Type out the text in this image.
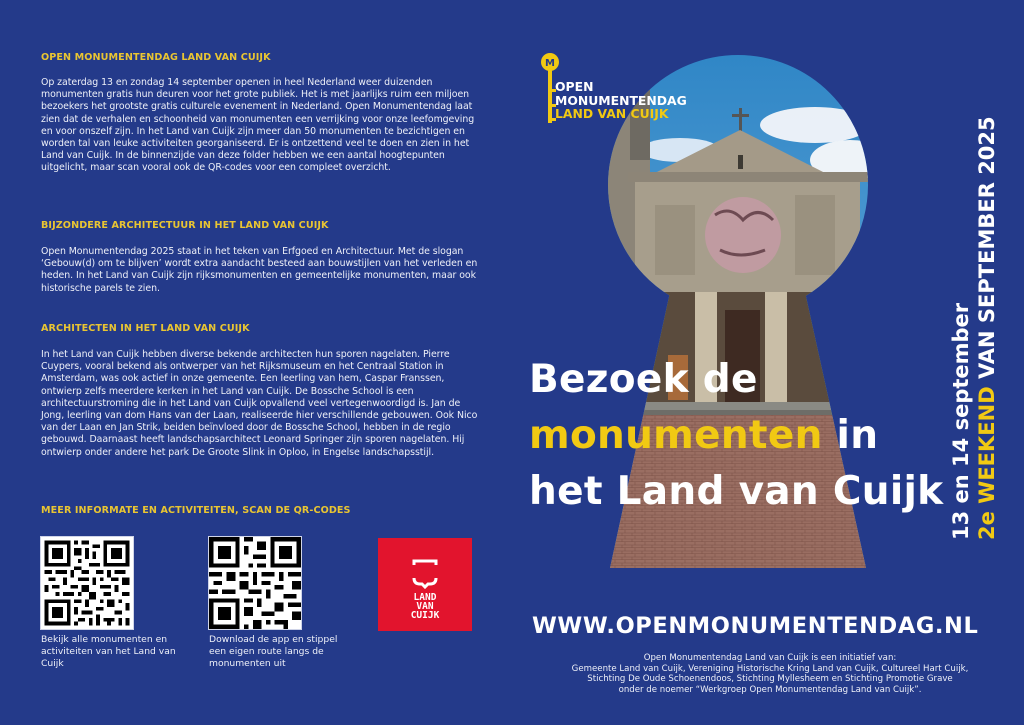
OPEN MONUMENTENDAG LAND VAN CUIJK
Op zaterdag 13 en zondag 14 september openen in heel Nederland weer duizenden monumenten gratis hun deuren voor het grote publiek. Het is met jaarlijks ruim een miljoen bezoekers het grootste gratis culturele evenement in Nederland. Open Monumentendag laat zien dat de verhalen en schoonheid van monumenten een verrijking voor onze leefomgeving en voor onszelf zijn. In het Land van Cuijk zijn meer dan 50 monumenten te bezichtigen en worden tal van leuke activiteiten georganiseerd. Er is ontzettend veel te doen en zien in het Land van Cuijk. In de binnenzijde van deze folder hebben we een aantal hoogtepunten uitgelicht, maar scan vooral ook de QR-codes voor een compleet overzicht.
BIJZONDERE ARCHITECTUUR IN HET LAND VAN CUIJK
Open Monumentendag 2025 staat in het teken van Erfgoed en Architectuur. Met de slogan ‘Gebouw(d) om te blijven’ wordt extra aandacht besteed aan bouwstijlen van het verleden en heden. In het Land van Cuijk zijn rijksmonumenten en gemeentelijke monumenten, maar ook historische parels te zien.
ARCHITECTEN IN HET LAND VAN CUIJK
In het Land van Cuijk hebben diverse bekende architecten hun sporen nagelaten. Pierre Cuypers, vooral bekend als ontwerper van het Rijksmuseum en het Centraal Station in Amsterdam, was ook actief in onze gemeente. Een leerling van hem, Caspar Franssen, ontwierp zelfs meerdere kerken in het Land van Cuijk. De Bossche School is een architectuurstroming die in het Land van Cuijk opvallend veel vertegenwoordigd is. Jan de Jong, leerling van dom Hans van der Laan, realiseerde hier verschillende gebouwen. Ook Nico van der Laan en Jan Strik, beiden beïnvloed door de Bossche School, hebben in de regio gebouwd. Daarnaast heeft landschapsarchitect Leonard Springer zijn sporen nagelaten. Hij ontwierp onder andere het park De Groote Slink in Oploo, in Engelse landschapsstijl.
MEER INFORMATE EN ACTIVITEITEN, SCAN DE QR-CODES
Bekijk alle monumenten en activiteiten van het Land van Cuijk
Download de app en stippel een eigen route langs de monumenten uit
LAND
VAN
CUIJK
M
OPEN
MONUMENTENDAG
LAND VAN CUIJK
Bezoek de
monumenten in
het Land van Cuijk 13 en 14 september 2e WEEKEND VAN SEPTEMBER 2025
WWW.OPENMONUMENTENDAG.NL
Open Monumentendag Land van Cuijk is een initiatief van:
Gemeente Land van Cuijk, Vereniging Historische Kring Land van Cuijk, Cultureel Hart Cuijk,
Stichting De Oude Schoenendoos, Stichting Myllesheem en Stichting Promotie Grave
onder de noemer “Werkgroep Open Monumentendag Land van Cuijk”.
